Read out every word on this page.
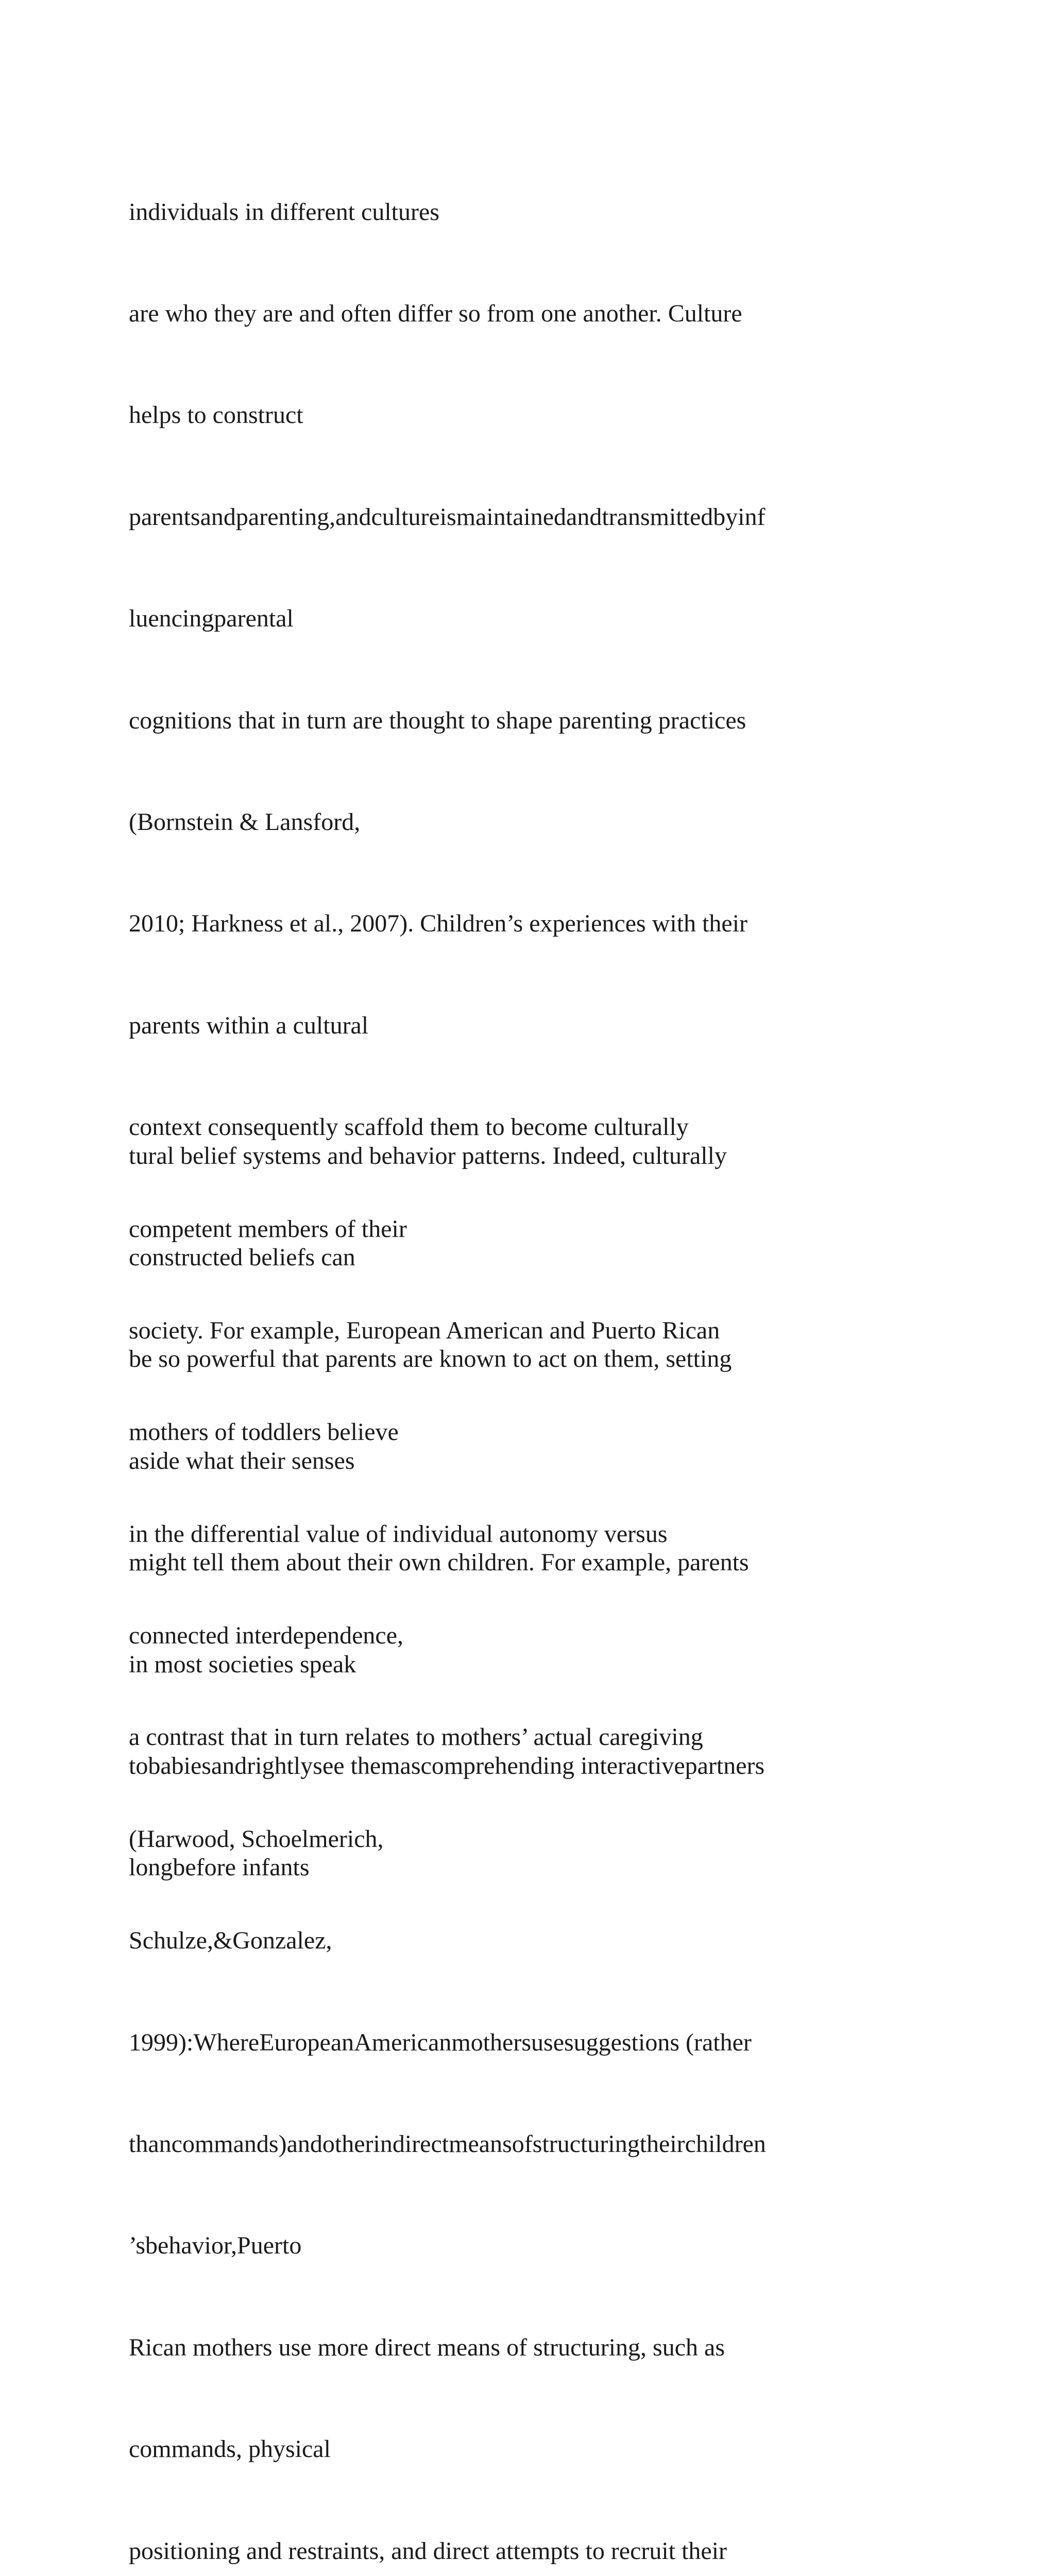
individuals in different cultures

are who they are and often differ so from one another. Culture

helps to construct

parentsandparenting,andcultureismaintainedandtransmittedbyinf

luencingparental

cognitions that in turn are thought to shape parenting practices

(Bornstein & Lansford,

2010; Harkness et al., 2007). Children’s experiences with their

parents within a cultural

context consequently scaffold them to become culturally

competent members of their

society. For example, European American and Puerto Rican

mothers of toddlers believe

in the differential value of individual autonomy versus

connected interdependence,

a contrast that in turn relates to mothers’ actual caregiving

(Harwood, Schoelmerich,

Schulze,&Gonzalez,

1999):WhereEuropeanAmericanmothersusesuggestions (rather

thancommands)andotherindirectmeansofstructuringtheirchildren

’sbehavior,Puerto

Rican mothers use more direct means of structuring, such as

commands, physical

positioning and restraints, and direct attempts to recruit their

tural belief systems and behavior patterns. Indeed, culturally

constructed beliefs can

be so powerful that parents are known to act on them, setting

aside what their senses

might tell them about their own children. For example, parents

in most societies speak

tobabiesandrightlysee themascomprehending interactivepartners

longbefore infants
